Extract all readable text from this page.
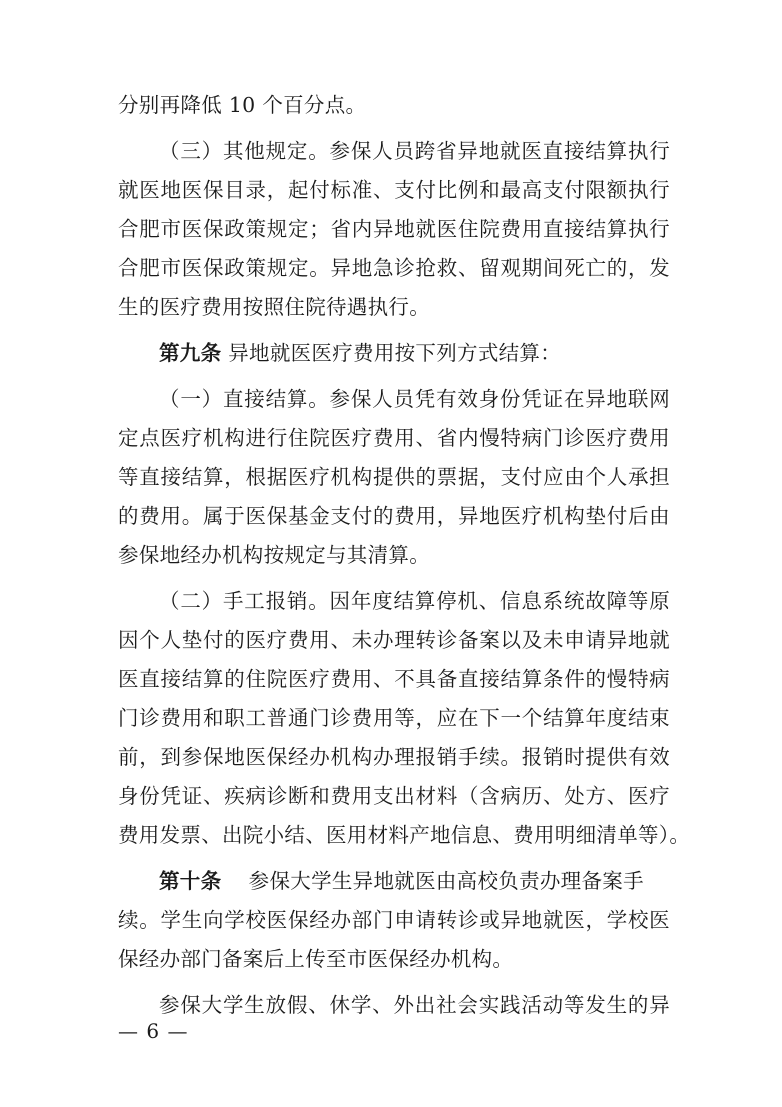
分别再降低 10 个百分点。
（三）其他规定。参保人员跨省异地就医直接结算执行
就医地医保目录，起付标准、支付比例和最高支付限额执行
合肥市医保政策规定；省内异地就医住院费用直接结算执行
合肥市医保政策规定。异地急诊抢救、留观期间死亡的，发
生的医疗费用按照住院待遇执行。
第九条 异地就医医疗费用按下列方式结算：
（一）直接结算。参保人员凭有效身份凭证在异地联网
定点医疗机构进行住院医疗费用、省内慢特病门诊医疗费用
等直接结算，根据医疗机构提供的票据，支付应由个人承担
的费用。属于医保基金支付的费用，异地医疗机构垫付后由
参保地经办机构按规定与其清算。
（二）手工报销。因年度结算停机、信息系统故障等原
因个人垫付的医疗费用、未办理转诊备案以及未申请异地就
医直接结算的住院医疗费用、不具备直接结算条件的慢特病
门诊费用和职工普通门诊费用等，应在下一个结算年度结束
前，到参保地医保经办机构办理报销手续。报销时提供有效
身份凭证、疾病诊断和费用支出材料（含病历、处方、医疗
费用发票、出院小结、医用材料产地信息、费用明细清单等）。
第十条 参保大学生异地就医由高校负责办理备案手
续。学生向学校医保经办部门申请转诊或异地就医，学校医
保经办部门备案后上传至市医保经办机构。
参保大学生放假、休学、外出社会实践活动等发生的异
— 6 —
